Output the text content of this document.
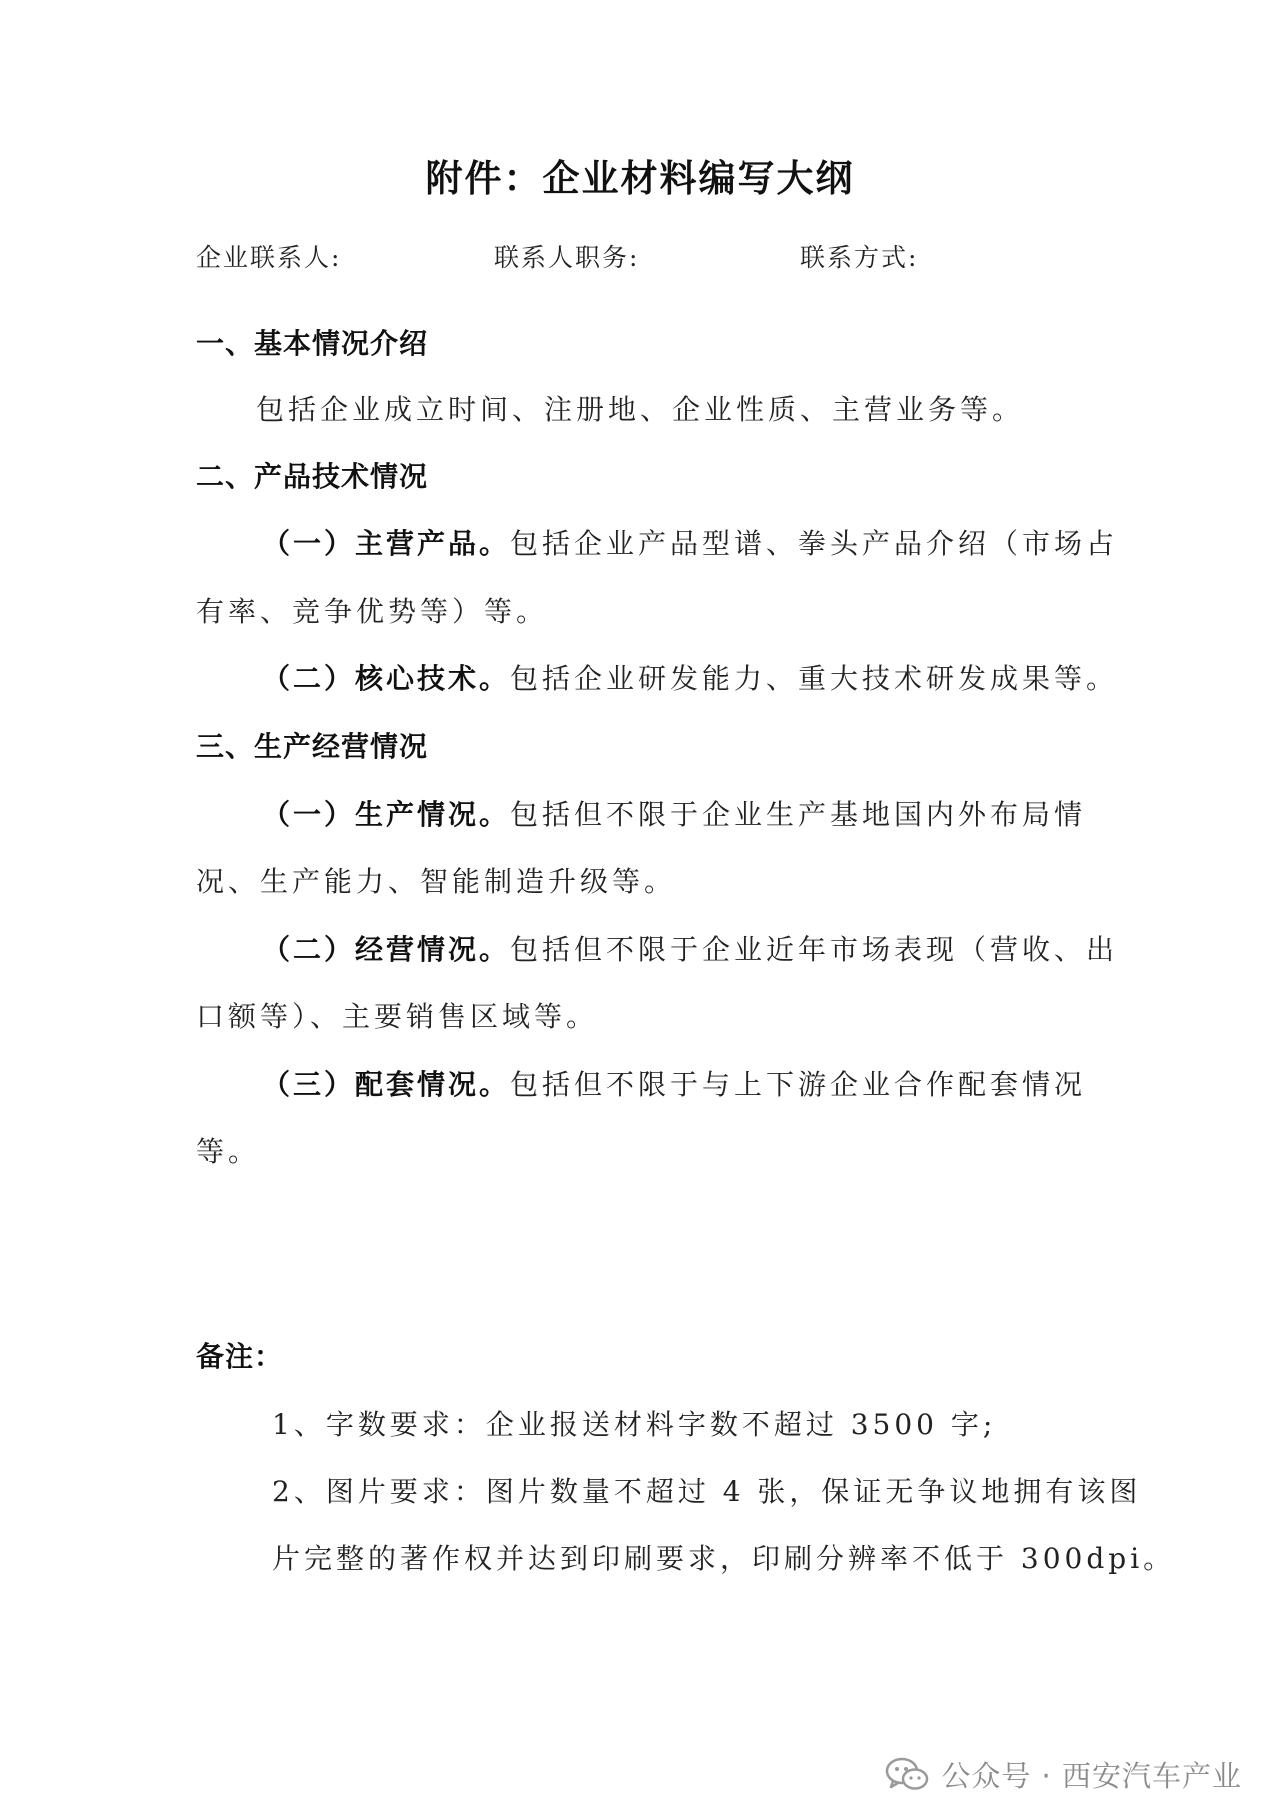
附件：企业材料编写大纲
企业联系人:	联系人职务:	联系方式:
一、基本情况介绍
包括企业成立时间、注册地、企业性质、主营业务等。
二、产品技术情况
（一）主营产品。包括企业产品型谱、拳头产品介绍（市场占
有率、竞争优势等）等。
（二）核心技术。包括企业研发能力、重大技术研发成果等。
三、生产经营情况
（一）生产情况。包括但不限于企业生产基地国内外布局情
况、生产能力、智能制造升级等。
（二）经营情况。包括但不限于企业近年市场表现（营收、出
口额等）、主要销售区域等。
（三）配套情况。包括但不限于与上下游企业合作配套情况
等。
备注：
1、字数要求：企业报送材料字数不超过 3500 字;
2、图片要求：图片数量不超过 4 张，保证无争议地拥有该图
片完整的著作权并达到印刷要求，印刷分辨率不低于 300dpi。
公众号 · 西安汽车产业
